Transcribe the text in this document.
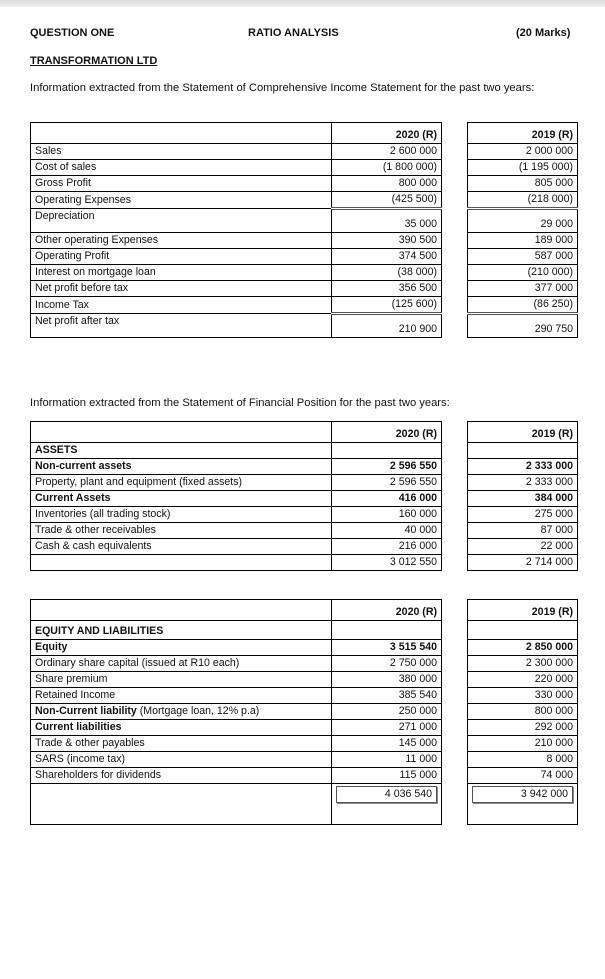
QUESTION ONE	RATIO ANALYSIS	(20 Marks)
TRANSFORMATION LTD
Information extracted from the Statement of Comprehensive Income Statement for the past two years:
	2020 (R)		2019 (R)
Sales	2 600 000		2 000 000
Cost of sales	(1 800 000)		(1 195 000)
Gross Profit	800 000		805 000
Operating Expenses	(425 500)		(218 000)
Depreciation	35 000		29 000
Other operating Expenses	390 500		189 000
Operating Profit	374 500		587 000
Interest on mortgage loan	(38 000)		(210 000)
Net profit before tax	356 500		377 000
Income Tax	(125 600)		(86 250)
Net profit after tax	210 900		290 750
Information extracted from the Statement of Financial Position for the past two years:
	2020 (R)		2019 (R)
ASSETS			
Non-current assets	2 596 550		2 333 000
Property, plant and equipment (fixed assets)	2 596 550		2 333 000
Current Assets	416 000		384 000
Inventories (all trading stock)	160 000		275 000
Trade & other receivables	40 000		87 000
Cash & cash equivalents	216 000		22 000
	3 012 550		2 714 000
	2020 (R)		2019 (R)
EQUITY AND LIABILITIES			
Equity	3 515 540		2 850 000
Ordinary share capital (issued at R10 each)	2 750 000		2 300 000
Share premium	380 000		220 000
Retained Income	385 540		330 000
Non-Current liability (Mortgage loan, 12% p.a)	250 000		800 000
Current liabilities	271 000		292 000
Trade & other payables	145 000		210 000
SARS (income tax)	11 000		8 000
Shareholders for dividends	115 000		74 000

	4 036 540		3 942 000
